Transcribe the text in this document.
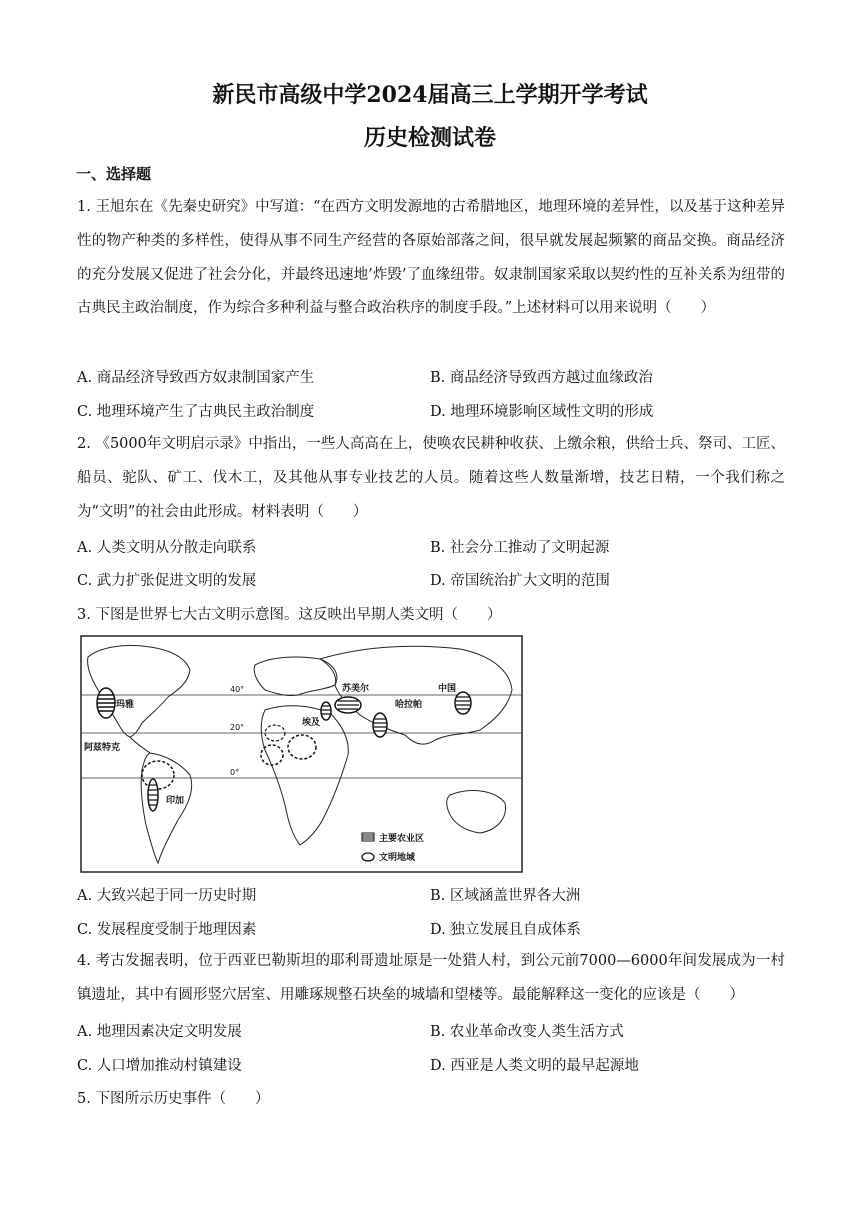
新民市高级中学2024届高三上学期开学考试
历史检测试卷
一、选择题

1. 王旭东在《先秦史研究》中写道：“在西方文明发源地的古希腊地区，地理环境的差异性，以及基于这种差异性的物产种类的多样性，使得从事不同生产经营的各原始部落之间，很早就发展起频繁的商品交换。商品经济的充分发展又促进了社会分化，并最终迅速地’炸毁’了血缘纽带。奴隶制国家采取以契约性的互补关系为纽带的古典民主政治制度，作为综合多种利益与整合政治秩序的制度手段。”上述材料可以用来说明（　　）

A. 商品经济导致西方奴隶制国家产生	B. 商品经济导致西方越过血缘政治
C. 地理环境产生了古典民主政治制度	D. 地理环境影响区域性文明的形成

2. 《5000年文明启示录》中指出，一些人高高在上，使唤农民耕种收获、上缴余粮，供给士兵、祭司、工匠、船员、驼队、矿工、伐木工，及其他从事专业技艺的人员。随着这些人数量渐增，技艺日精，一个我们称之为“文明”的社会由此形成。材料表明（　　）

A. 人类文明从分散走向联系	B. 社会分工推动了文明起源
C. 武力扩张促进文明的发展	D. 帝国统治扩大文明的范围
3. 下图是世界七大古文明示意图。这反映出早期人类文明（　　）
40°
20°
0°
玛雅
阿兹特克
印加
埃及
苏美尔
哈拉帕
中国
主要农业区
文明地域
A. 大致兴起于同一历史时期	B. 区域涵盖世界各大洲
C. 发展程度受制于地理因素	D. 独立发展且自成体系

4. 考古发掘表明，位于西亚巴勒斯坦的耶利哥遗址原是一处猎人村，到公元前7000—6000年间发展成为一村镇遗址，其中有圆形竖穴居室、用雕琢规整石块垒的城墙和望楼等。最能解释这一变化的应该是（　　）

A. 地理因素决定文明发展	B. 农业革命改变人类生活方式
C. 人口增加推动村镇建设	D. 西亚是人类文明的最早起源地
5. 下图所示历史事件（　　）
